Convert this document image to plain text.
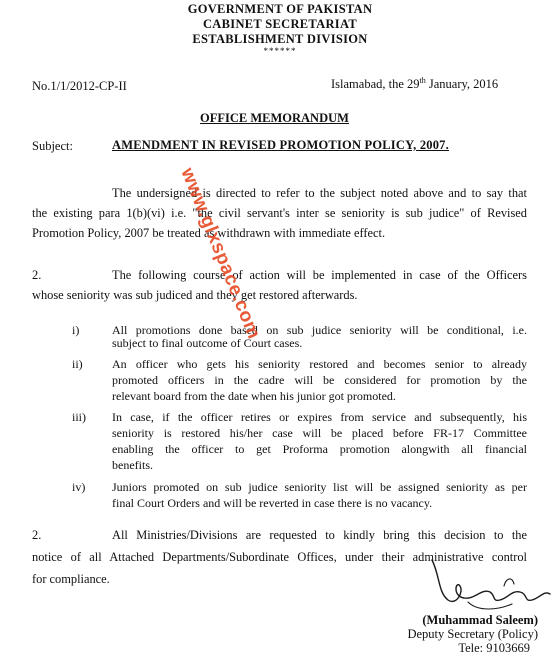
GOVERNMENT OF PAKISTAN
CABINET SECRETARIAT
ESTABLISHMENT DIVISION
******
No.1/1/2012-CP-II	Islamabad, the 29th January, 2016
OFFICE MEMORANDUM
Subject:	AMENDMENT IN REVISED PROMOTION POLICY, 2007.
The undersigned is directed to refer to the subject noted above and to say that
the existing para 1(b)(vi) i.e. "the civil servant's inter se seniority is sub judice" of Revised
Promotion Policy, 2007 be treated as withdrawn with immediate effect.
2.	The following course of action will be implemented in case of the Officers
whose seniority was sub judiced and they get restored afterwards.
i)	All promotions done based on sub judice seniority will be conditional, i.e.
subject to final outcome of Court cases.
ii) An officer who gets his seniority restored and becomes senior to already
promoted officers in the cadre will be considered for promotion by the
relevant board from the date when his junior got promoted.
iii) In case, if the officer retires or expires from service and subsequently, his
seniority is restored his/her case will be placed before FR-17 Committee
enabling the officer to get Proforma promotion alongwith all financial
benefits.
iv) Juniors promoted on sub judice seniority list will be assigned seniority as per
final Court Orders and will be reverted in case there is no vacancy.
2.	All Ministries/Divisions are requested to kindly bring this decision to the
notice of all Attached Departments/Subordinate Offices, under their administrative control
for compliance.
(Muhammad Saleem)
Deputy Secretary (Policy)
Tele: 9103669
www.glxspace.com
